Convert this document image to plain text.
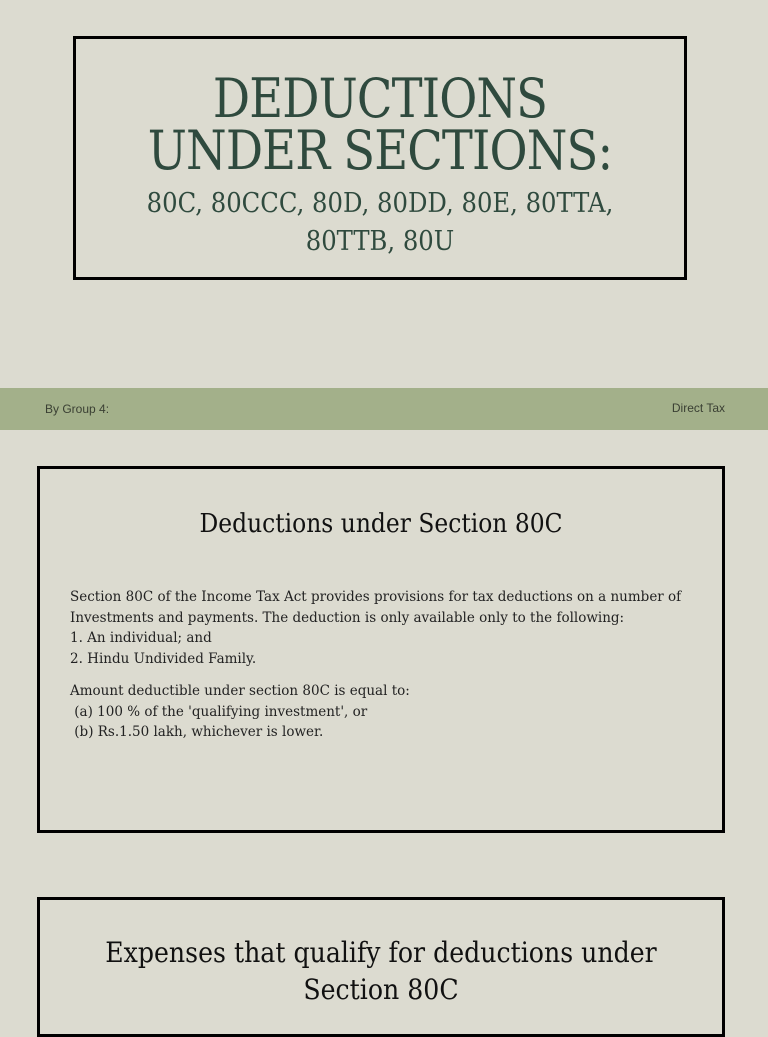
DEDUCTIONS
UNDER SECTIONS:
80C, 80CCC, 80D, 80DD, 80E, 80TTA, 80TTB, 80U
By Group 4:	Direct Tax
Deductions under Section 80C

Section 80C of the Income Tax Act provides provisions for tax deductions on a number of Investments and payments. The deduction is only available only to the following:

1. An individual; and

2. Hindu Undivided Family.

Amount deductible under section 80C is equal to:

(a) 100 % of the 'qualifying investment', or

(b) Rs.1.50 lakh, whichever is lower.

Expenses that qualify for deductions under Section 80C
